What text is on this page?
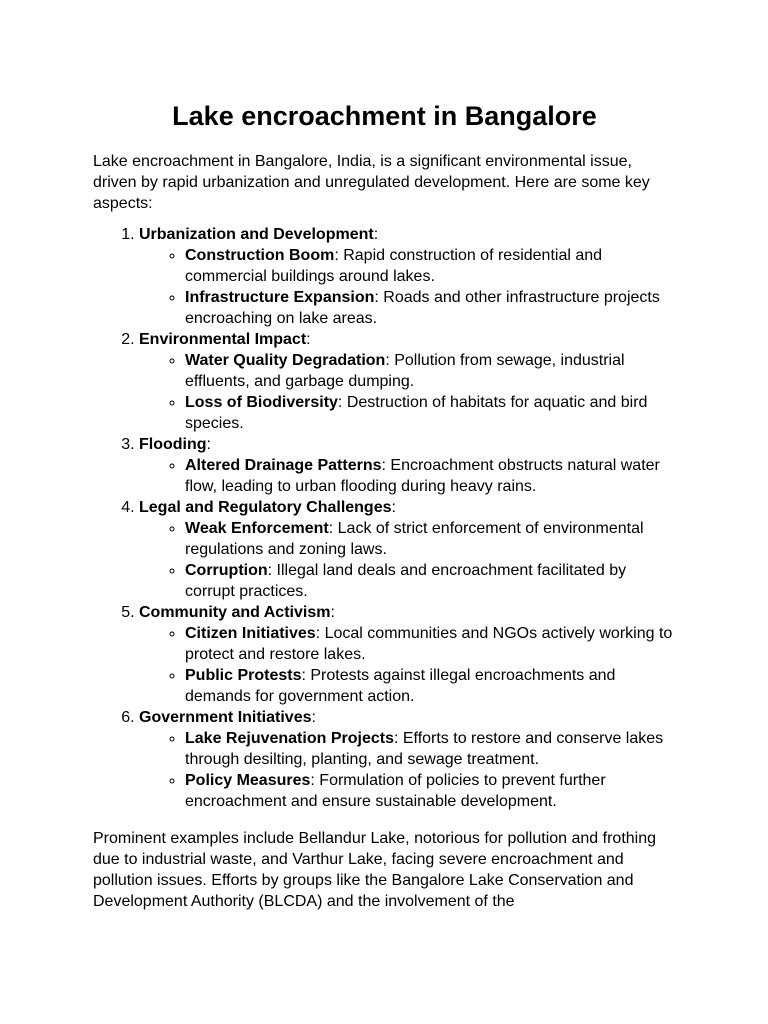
Lake encroachment in Bangalore

Lake encroachment in Bangalore, India, is a significant environmental issue, driven by rapid urbanization and unregulated development. Here are some key aspects:

1. Urbanization and Development:
◦ Construction Boom: Rapid construction of residential and commercial buildings around lakes.
◦ Infrastructure Expansion: Roads and other infrastructure projects encroaching on lake areas.
2. Environmental Impact:
◦ Water Quality Degradation: Pollution from sewage, industrial effluents, and garbage dumping.
◦ Loss of Biodiversity: Destruction of habitats for aquatic and bird species.
3. Flooding:
◦ Altered Drainage Patterns: Encroachment obstructs natural water flow, leading to urban flooding during heavy rains.
4. Legal and Regulatory Challenges:
◦ Weak Enforcement: Lack of strict enforcement of environmental regulations and zoning laws.
◦ Corruption: Illegal land deals and encroachment facilitated by corrupt practices.
5. Community and Activism:
◦ Citizen Initiatives: Local communities and NGOs actively working to protect and restore lakes.
◦ Public Protests: Protests against illegal encroachments and demands for government action.
6. Government Initiatives:
◦ Lake Rejuvenation Projects: Efforts to restore and conserve lakes through desilting, planting, and sewage treatment.
◦ Policy Measures: Formulation of policies to prevent further encroachment and ensure sustainable development.

Prominent examples include Bellandur Lake, notorious for pollution and frothing due to industrial waste, and Varthur Lake, facing severe encroachment and pollution issues. Efforts by groups like the Bangalore Lake Conservation and Development Authority (BLCDA) and the involvement of the
